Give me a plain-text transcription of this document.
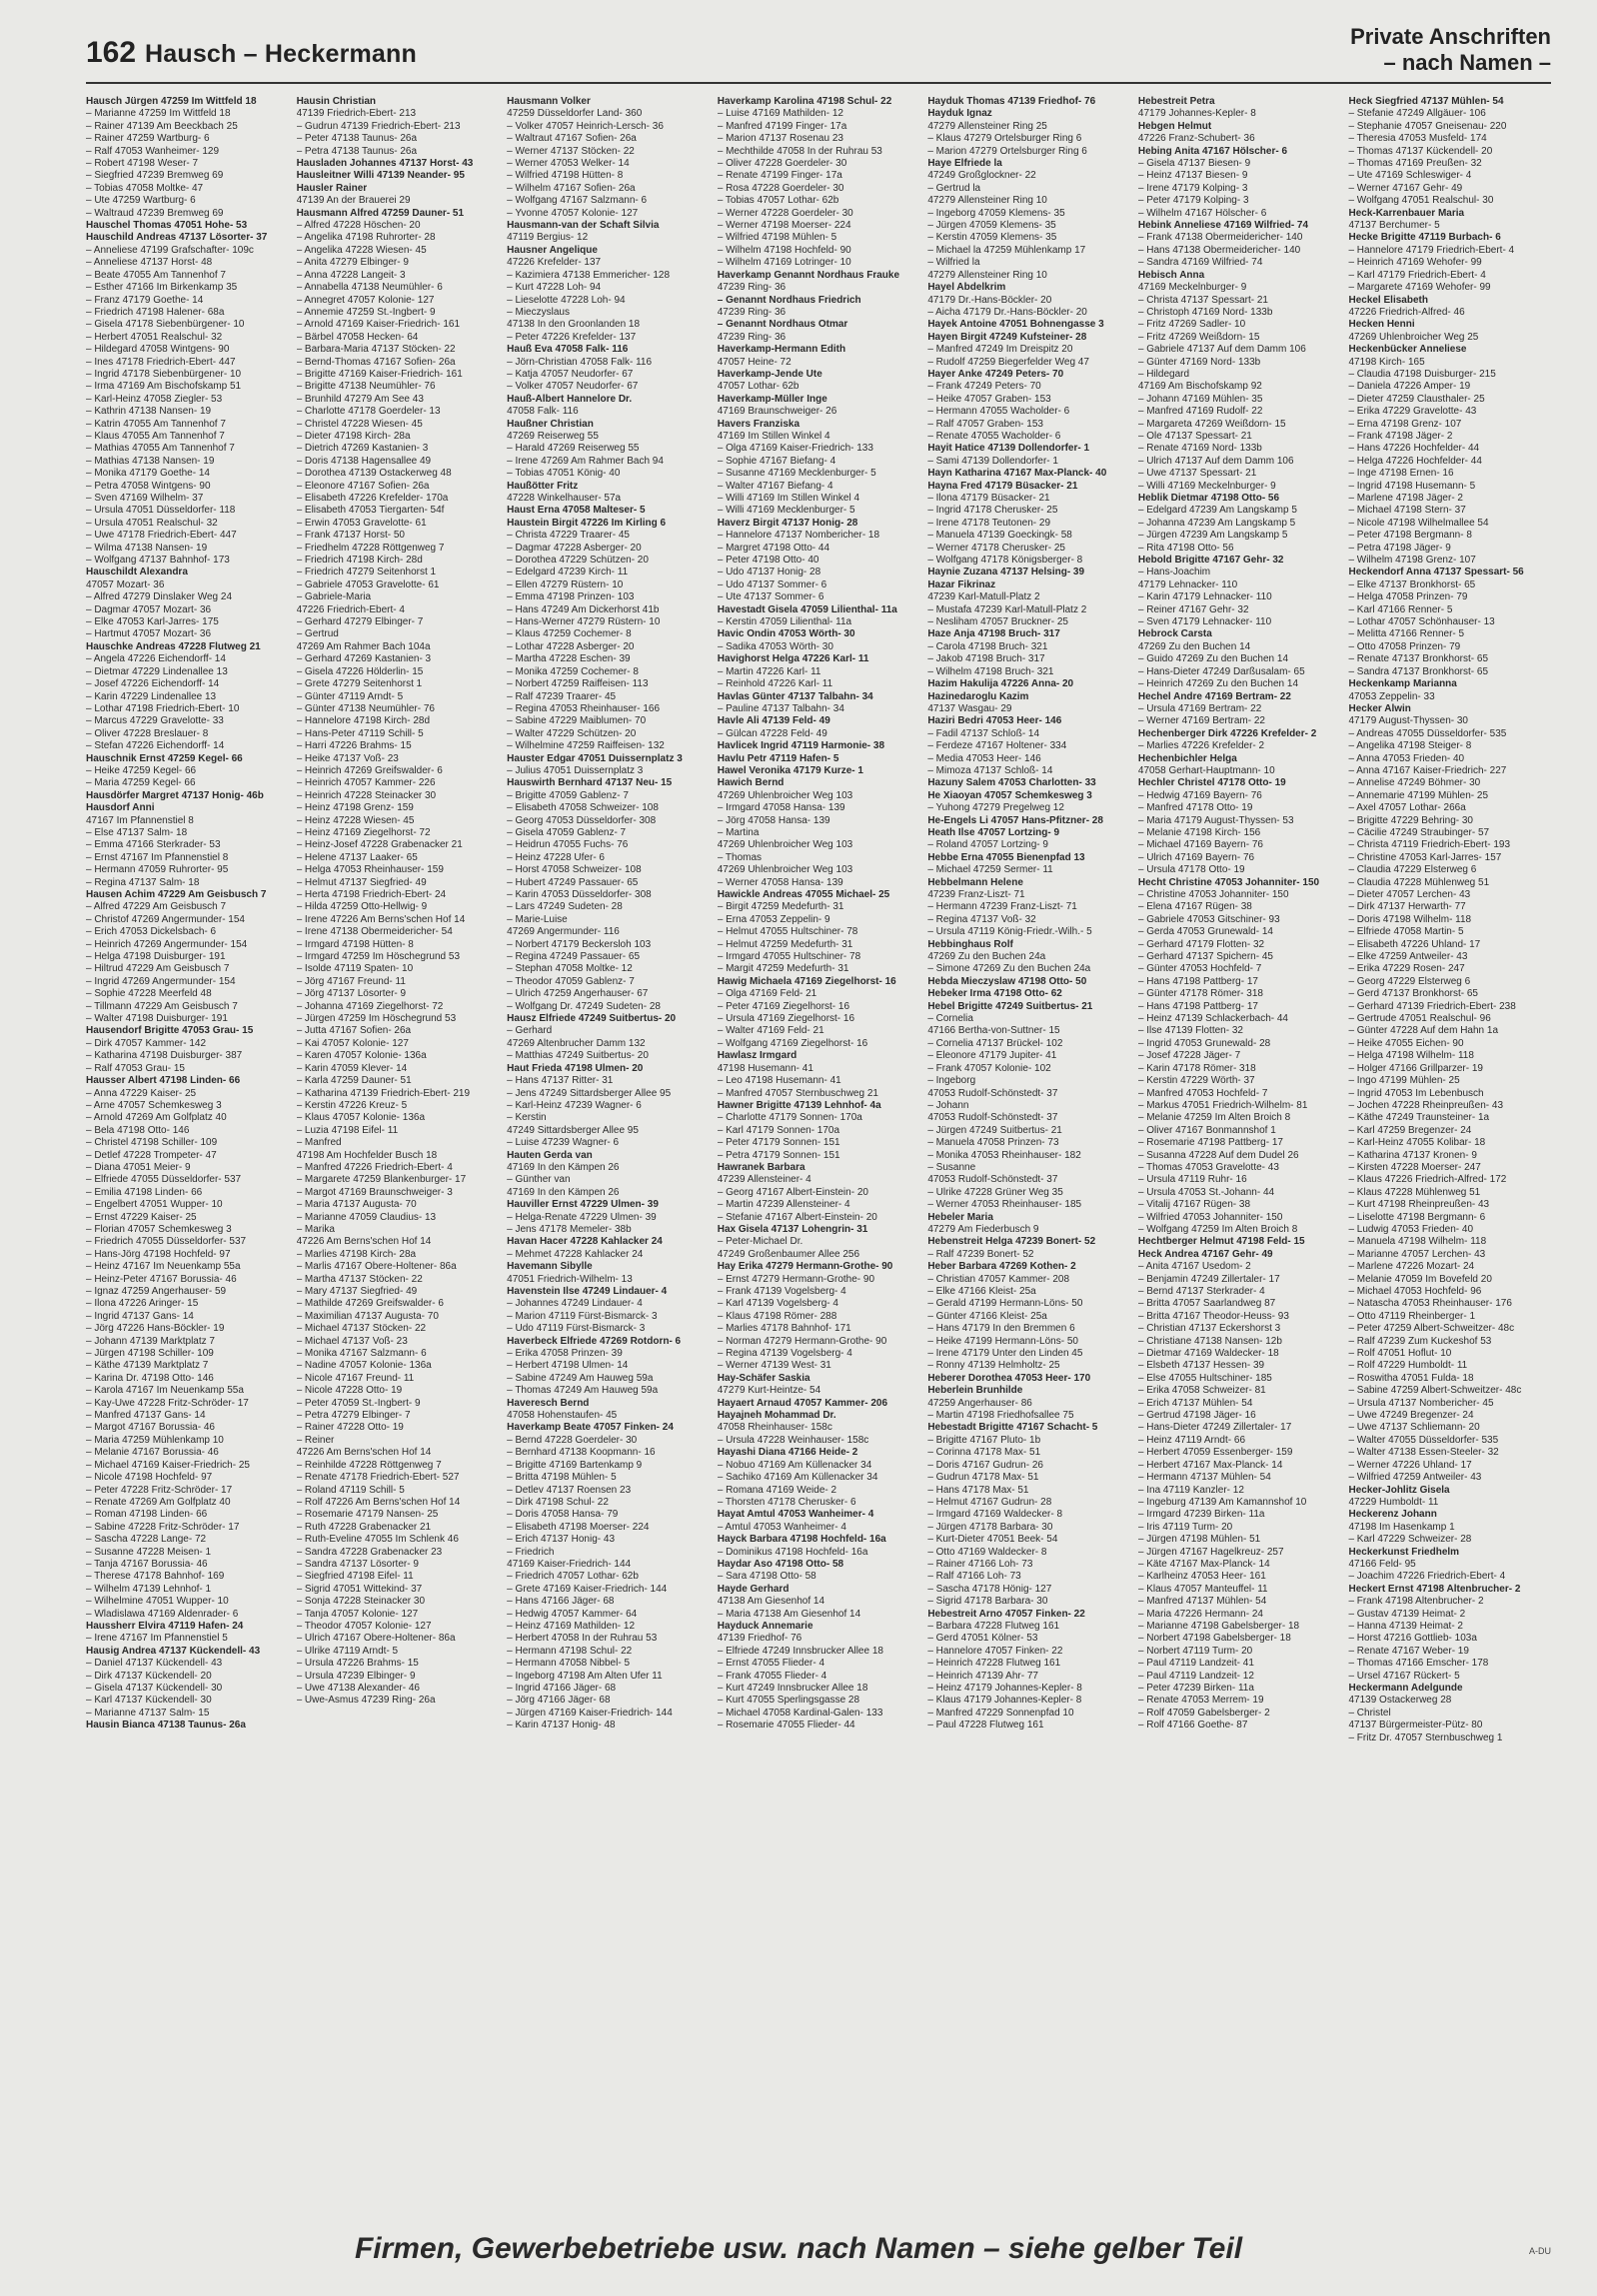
162 Hausch – Heckermann
Private Anschriften
– nach Namen –
Hausch Jürgen 47259 Im Wittfeld 18
– Marianne 47259 Im Wittfeld 18
– Rainer 47139 Am Beeckbach 25
– Rainer 47259 Wartburg- 6
– Ralf 47053 Wanheimer- 129
– Robert 47198 Weser- 7
– Siegfried 47239 Bremweg 69
– Tobias 47058 Moltke- 47
– Ute 47259 Wartburg- 6
– Waltraud 47239 Bremweg 69
Hauschel Thomas 47051 Hohe- 53
Hauschild Andreas 47137 Lösorter- 37
– Anneliese 47199 Grafschafter- 109c
– Anneliese 47137 Horst- 48
– Beate 47055 Am Tannenhof 7
– Esther 47166 Im Birkenkamp 35
– Franz 47179 Goethe- 14
– Friedrich 47198 Halener- 68a
– Gisela 47178 Siebenbürgener- 10
– Herbert 47051 Realschul- 32
– Hildegard 47058 Wintgens- 90
– Ines 47178 Friedrich-Ebert- 447
– Ingrid 47178 Siebenbürgener- 10
– Irma 47169 Am Bischofskamp 51
– Karl-Heinz 47058 Ziegler- 53
– Kathrin 47138 Nansen- 19
– Katrin 47055 Am Tannenhof 7
– Klaus 47055 Am Tannenhof 7
– Mathias 47055 Am Tannenhof 7
– Mathias 47138 Nansen- 19
– Monika 47179 Goethe- 14
– Petra 47058 Wintgens- 90
– Sven 47169 Wilhelm- 37
– Ursula 47051 Düsseldorfer- 118
– Ursula 47051 Realschul- 32
– Uwe 47178 Friedrich-Ebert- 447
– Wilma 47138 Nansen- 19
– Wolfgang 47137 Bahnhof- 173
Hauschildt Alexandra
47057 Mozart- 36
– Alfred 47279 Dinslaker Weg 24
– Dagmar 47057 Mozart- 36
– Elke 47053 Karl-Jarres- 175
– Hartmut 47057 Mozart- 36
Hauschke Andreas 47228 Flutweg 21
– Angela 47226 Eichendorff- 14
– Dietmar 47229 Lindenallee 13
– Josef 47226 Eichendorff- 14
– Karin 47229 Lindenallee 13
– Lothar 47198 Friedrich-Ebert- 10
– Marcus 47229 Gravelotte- 33
– Oliver 47228 Breslauer- 8
– Stefan 47226 Eichendorff- 14
Hauschnik Ernst 47259 Kegel- 66
– Heike 47259 Kegel- 66
– Maria 47259 Kegel- 66
Hausdörfer Margret 47137 Honig- 46b
Hausdorf Anni
47167 Im Pfannenstiel 8
– Else 47137 Salm- 18
– Emma 47166 Sterkrader- 53
– Ernst 47167 Im Pfannenstiel 8
– Hermann 47059 Ruhrorter- 95
– Regina 47137 Salm- 18
Hausen Achim 47229 Am Geisbusch 7
– Alfred 47229 Am Geisbusch 7
– Christof 47269 Angermunder- 154
– Erich 47053 Dickelsbach- 6
– Heinrich 47269 Angermunder- 154
– Helga 47198 Duisburger- 191
– Hiltrud 47229 Am Geisbusch 7
– Ingrid 47269 Angermunder- 154
– Sophie 47228 Meerfeld 48
– Tillmann 47229 Am Geisbusch 7
– Walter 47198 Duisburger- 191
Hausendorf Brigitte 47053 Grau- 15
– Dirk 47057 Kammer- 142
– Katharina 47198 Duisburger- 387
– Ralf 47053 Grau- 15
Hausser Albert 47198 Linden- 66
– Anna 47229 Kaiser- 25
– Arne 47057 Schemkesweg 3
– Arnold 47269 Am Golfplatz 40
– Bela 47198 Otto- 146
– Christel 47198 Schiller- 109
– Detlef 47228 Trompeter- 47
– Diana 47051 Meier- 9
– Elfriede 47055 Düsseldorfer- 537
– Emilia 47198 Linden- 66
– Engelbert 47051 Wupper- 10
– Ernst 47229 Kaiser- 25
– Florian 47057 Schemkesweg 3
– Friedrich 47055 Düsseldorfer- 537
– Hans-Jörg 47198 Hochfeld- 97
– Heinz 47167 Im Neuenkamp 55a
– Heinz-Peter 47167 Borussia- 46
– Ignaz 47259 Angerhauser- 59
– Ilona 47226 Aringer- 15
– Ingrid 47137 Gans- 14
– Jörg 47226 Hans-Böckler- 19
– Johann 47139 Marktplatz 7
– Jürgen 47198 Schiller- 109
– Käthe 47139 Marktplatz 7
– Karina Dr. 47198 Otto- 146
– Karola 47167 Im Neuenkamp 55a
– Kay-Uwe 47228 Fritz-Schröder- 17
– Manfred 47137 Gans- 14
– Margot 47167 Borussia- 46
– Maria 47259 Mühlenkamp 10
– Melanie 47167 Borussia- 46
– Michael 47169 Kaiser-Friedrich- 25
– Nicole 47198 Hochfeld- 97
– Peter 47228 Fritz-Schröder- 17
– Renate 47269 Am Golfplatz 40
– Roman 47198 Linden- 66
– Sabine 47228 Fritz-Schröder- 17
– Sascha 47228 Lange- 72
– Susanne 47228 Meisen- 1
– Tanja 47167 Borussia- 46
– Therese 47178 Bahnhof- 169
– Wilhelm 47139 Lehnhof- 1
– Wilhelmine 47051 Wupper- 10
– Wladislawa 47169 Aldenrader- 6
Haussherr Elvira 47119 Hafen- 24
– Irene 47167 Im Pfannenstiel 5
Hausig Andrea 47137 Kückendell- 43
– Daniel 47137 Kückendell- 43
– Dirk 47137 Kückendell- 20
– Gisela 47137 Kückendell- 30
– Karl 47137 Kückendell- 30
– Marianne 47137 Salm- 15
Hausin Bianca 47138 Taunus- 26a
Hausin Christian
47139 Friedrich-Ebert- 213
– Gudrun 47139 Friedrich-Ebert- 213
– Peter 47138 Taunus- 26a
– Petra 47138 Taunus- 26a
Hausladen Johannes 47137 Horst- 43
Hausleitner Willi 47139 Neander- 95
Hausler Rainer
47139 An der Brauerei 29
Hausmann Alfred 47259 Dauner- 51
– Alfred 47228 Höschen- 20
– Angelika 47198 Ruhrorter- 28
– Angelika 47228 Wiesen- 45
– Anita 47279 Elbinger- 9
– Anna 47228 Langeit- 3
– Annabella 47138 Neumühler- 6
– Annegret 47057 Kolonie- 127
– Annemie 47259 St.-Ingbert- 9
– Arnold 47169 Kaiser-Friedrich- 161
– Bärbel 47058 Hecken- 64
– Barbara-Maria 47137 Stöcken- 22
– Bernd-Thomas 47167 Sofien- 26a
– Brigitte 47169 Kaiser-Friedrich- 161
– Brigitte 47138 Neumühler- 76
– Brunhild 47279 Am See 43
– Charlotte 47178 Goerdeler- 13
– Christel 47228 Wiesen- 45
– Dieter 47198 Kirch- 28a
– Dietrich 47269 Kastanien- 3
– Doris 47138 Hagensallee 49
– Dorothea 47139 Ostackerweg 48
– Eleonore 47167 Sofien- 26a
– Elisabeth 47226 Krefelder- 170a
– Elisabeth 47053 Tiergarten- 54f
– Erwin 47053 Gravelotte- 61
– Frank 47137 Horst- 50
– Friedhelm 47228 Röttgenweg 7
– Friedrich 47198 Kirch- 28d
– Friedrich 47279 Seitenhorst 1
– Gabriele 47053 Gravelotte- 61
– Gabriele-Maria
47226 Friedrich-Ebert- 4
– Gerhard 47279 Elbinger- 7
– Gertrud
47269 Am Rahmer Bach 104a
– Gerhard 47269 Kastanien- 3
– Gisela 47226 Hölderlin- 15
– Grete 47279 Seitenhorst 1
– Günter 47119 Arndt- 5
– Günter 47138 Neumühler- 76
– Hannelore 47198 Kirch- 28d
– Hans-Peter 47119 Schill- 5
– Harri 47226 Brahms- 15
– Heike 47137 Voß- 23
– Heinrich 47269 Greifswalder- 6
– Heinrich 47057 Kammer- 226
– Heinrich 47228 Steinacker 30
– Heinz 47198 Grenz- 159
– Heinz 47228 Wiesen- 45
– Heinz 47169 Ziegelhorst- 72
– Heinz-Josef 47228 Grabenacker 21
– Helene 47137 Laaker- 65
– Helga 47053 Rheinhauser- 159
– Helmut 47137 Siegfried- 49
– Herta 47198 Friedrich-Ebert- 24
– Hilda 47259 Otto-Hellwig- 9
– Irene 47226 Am Berns'schen Hof 14
– Irene 47138 Obermeidericher- 54
– Irmgard 47198 Hütten- 8
– Irmgard 47259 Im Höschegrund 53
– Isolde 47119 Spaten- 10
– Jörg 47167 Freund- 11
– Jörg 47137 Lösorter- 9
– Johanna 47169 Ziegelhorst- 72
– Jürgen 47259 Im Höschegrund 53
– Jutta 47167 Sofien- 26a
– Kai 47057 Kolonie- 127
– Karen 47057 Kolonie- 136a
– Karin 47059 Klever- 14
– Karla 47259 Dauner- 51
– Katharina 47139 Friedrich-Ebert- 219
– Kerstin 47226 Kreuz- 5
– Klaus 47057 Kolonie- 136a
– Luzia 47198 Eifel- 11
– Manfred
47198 Am Hochfelder Busch 18
– Manfred 47226 Friedrich-Ebert- 4
– Margarete 47259 Blankenburger- 17
– Margot 47169 Braunschweiger- 3
– Maria 47137 Augusta- 70
– Marianne 47059 Claudius- 13
– Marika
47226 Am Berns'schen Hof 14
– Marlies 47198 Kirch- 28a
– Marlis 47167 Obere-Holtener- 86a
– Martha 47137 Stöcken- 22
– Mary 47137 Siegfried- 49
– Mathilde 47269 Greifswalder- 6
– Maximilian 47137 Augusta- 70
– Michael 47137 Stöcken- 22
– Michael 47137 Voß- 23
– Monika 47167 Salzmann- 6
– Nadine 47057 Kolonie- 136a
– Nicole 47167 Freund- 11
– Nicole 47228 Otto- 19
– Peter 47059 St.-Ingbert- 9
– Petra 47279 Elbinger- 7
– Rainer 47228 Otto- 19
– Reiner
47226 Am Berns'schen Hof 14
– Reinhilde 47228 Röttgenweg 7
– Renate 47178 Friedrich-Ebert- 527
– Roland 47119 Schill- 5
– Rolf 47226 Am Berns'schen Hof 14
– Rosemarie 47179 Nansen- 25
– Ruth 47228 Grabenacker 21
– Ruth-Eveline 47055 Im Schlenk 46
– Sandra 47228 Grabenacker 23
– Sandra 47137 Lösorter- 9
– Siegfried 47198 Eifel- 11
– Sigrid 47051 Wittekind- 37
– Sonja 47228 Steinacker 30
– Tanja 47057 Kolonie- 127
– Theodor 47057 Kolonie- 127
– Ulrich 47167 Obere-Holtener- 86a
– Ulrike 47119 Arndt- 5
– Ursula 47226 Brahms- 15
– Ursula 47239 Elbinger- 9
– Uwe 47138 Alexander- 46
– Uwe-Asmus 47239 Ring- 26a
Hausmann Volker
47259 Düsseldorfer Land- 360
– Volker 47057 Heinrich-Lersch- 36
– Waltraut 47167 Sofien- 26a
– Werner 47137 Stöcken- 22
– Werner 47053 Welker- 14
– Wilfried 47198 Hütten- 8
– Wilhelm 47167 Sofien- 26a
– Wolfgang 47167 Salzmann- 6
– Yvonne 47057 Kolonie- 127
Hausmann-van der Schaft Silvia
47119 Bergius- 12
Hausner Angelique
47226 Krefelder- 137
– Kazimiera 47138 Emmericher- 128
– Kurt 47228 Loh- 94
– Lieselotte 47228 Loh- 94
– Mieczyslaus
47138 In den Groonlanden 18
– Peter 47226 Krefelder- 137
Hauß Eva 47058 Falk- 116
– Jörn-Christian 47058 Falk- 116
– Katja 47057 Neudorfer- 67
– Volker 47057 Neudorfer- 67
Hauß-Albert Hannelore Dr.
47058 Falk- 116
Haußner Christian
47269 Reiserweg 55
– Harald 47269 Reiserweg 55
– Irene 47269 Am Rahmer Bach 94
– Tobias 47051 König- 40
Haußötter Fritz
47228 Winkelhauser- 57a
Haust Erna 47058 Malteser- 5
Haustein Birgit 47226 Im Kirling 6
– Christa 47229 Traarer- 45
– Dagmar 47228 Asberger- 20
– Dorothea 47229 Schützen- 20
– Edelgard 47239 Kirch- 11
– Ellen 47279 Rüstern- 10
– Emma 47198 Prinzen- 103
– Hans 47249 Am Dickerhorst 41b
– Hans-Werner 47279 Rüstern- 10
– Klaus 47259 Cochemer- 8
– Lothar 47228 Asberger- 20
– Martha 47228 Eschen- 39
– Monika 47259 Cochemer- 8
– Norbert 47259 Raiffeisen- 113
– Ralf 47239 Traarer- 45
– Regina 47053 Rheinhauser- 166
– Sabine 47229 Maiblumen- 70
– Walter 47229 Schützen- 20
– Wilhelmine 47259 Raiffeisen- 132
Hauster Edgar 47051 Duissernplatz 3
– Julius 47051 Duissernplatz 3
Hauswirth Bernhard 47137 Neu- 15
– Brigitte 47059 Gablenz- 7
– Elisabeth 47058 Schweizer- 108
– Georg 47053 Düsseldorfer- 308
– Gisela 47059 Gablenz- 7
– Heidrun 47055 Fuchs- 76
– Heinz 47228 Ufer- 6
– Horst 47058 Schweizer- 108
– Hubert 47249 Passauer- 65
– Karin 47053 Düsseldorfer- 308
– Lars 47249 Sudeten- 28
– Marie-Luise
47269 Angermunder- 116
– Norbert 47179 Beckersloh 103
– Regina 47249 Passauer- 65
– Stephan 47058 Moltke- 12
– Theodor 47059 Gablenz- 7
– Ulrich 47259 Angerhauser- 67
– Wolfgang Dr. 47249 Sudeten- 28
Hausz Elfriede 47249 Suitbertus- 20
– Gerhard
47269 Altenbrucher Damm 132
– Matthias 47249 Suitbertus- 20
Haut Frieda 47198 Ulmen- 20
– Hans 47137 Ritter- 31
– Jens 47249 Sittardsberger Allee 95
– Karl-Heinz 47239 Wagner- 6
– Kerstin
47249 Sittardsberger Allee 95
– Luise 47239 Wagner- 6
Hauten Gerda van
47169 In den Kämpen 26
– Günther van
47169 In den Kämpen 26
Hauviller Ernst 47229 Ulmen- 39
– Helga-Renate 47229 Ulmen- 39
– Jens 47178 Memeler- 38b
Havan Hacer 47228 Kahlacker 24
– Mehmet 47228 Kahlacker 24
Havemann Sibylle
47051 Friedrich-Wilhelm- 13
Havenstein Ilse 47249 Lindauer- 4
– Johannes 47249 Lindauer- 4
– Marion 47119 Fürst-Bismarck- 3
– Udo 47119 Fürst-Bismarck- 3
Haverbeck Elfriede 47269 Rotdorn- 6
– Erika 47058 Prinzen- 39
– Herbert 47198 Ulmen- 14
– Sabine 47249 Am Hauweg 59a
– Thomas 47249 Am Hauweg 59a
Haveresch Bernd
47058 Hohenstaufen- 45
Haverkamp Beate 47057 Finken- 24
– Bernd 47228 Goerdeler- 30
– Bernhard 47138 Koopmann- 16
– Brigitte 47169 Bartenkamp 9
– Britta 47198 Mühlen- 5
– Detlev 47137 Roensen 23
– Dirk 47198 Schul- 22
– Doris 47058 Hansa- 79
– Elisabeth 47198 Moerser- 224
– Erich 47137 Honig- 43
– Friedrich
47169 Kaiser-Friedrich- 144
– Friedrich 47057 Lothar- 62b
– Grete 47169 Kaiser-Friedrich- 144
– Hans 47166 Jäger- 68
– Hedwig 47057 Kammer- 64
– Heinz 47169 Mathilden- 12
– Herbert 47058 In der Ruhrau 53
– Hermann 47198 Schul- 22
– Hermann 47058 Nibbel- 5
– Ingeborg 47198 Am Alten Ufer 11
– Ingrid 47166 Jäger- 68
– Jörg 47166 Jäger- 68
– Jürgen 47169 Kaiser-Friedrich- 144
– Karin 47137 Honig- 48
Haverkamp Karolina 47198 Schul- 22
– Luise 47169 Mathilden- 12
– Manfred 47199 Finger- 17a
– Marion 47137 Rosenau 23
– Mechthilde 47058 In der Ruhrau 53
– Oliver 47228 Goerdeler- 30
– Renate 47199 Finger- 17a
– Rosa 47228 Goerdeler- 30
– Tobias 47057 Lothar- 62b
– Werner 47228 Goerdeler- 30
– Werner 47198 Moerser- 224
– Wilfried 47198 Mühlen- 5
– Wilhelm 47198 Hochfeld- 90
– Wilhelm 47169 Lotringer- 10
Haverkamp Genannt Nordhaus Frauke
47239 Ring- 36
– Genannt Nordhaus Friedrich
47239 Ring- 36
– Genannt Nordhaus Otmar
47239 Ring- 36
Haverkamp-Hermann Edith
47057 Heine- 72
Haverkamp-Jende Ute
47057 Lothar- 62b
Haverkamp-Müller Inge
47169 Braunschweiger- 26
Havers Franziska
47169 Im Stillen Winkel 4
– Olga 47169 Kaiser-Friedrich- 133
– Sophie 47167 Biefang- 4
– Susanne 47169 Mecklenburger- 5
– Walter 47167 Biefang- 4
– Willi 47169 Im Stillen Winkel 4
– Willi 47169 Mecklenburger- 5
Haverz Birgit 47137 Honig- 28
– Hannelore 47137 Nombericher- 18
– Margret 47198 Otto- 44
– Peter 47198 Otto- 40
– Udo 47137 Honig- 28
– Udo 47137 Sommer- 6
– Ute 47137 Sommer- 6
Havestadt Gisela 47059 Lilienthal- 11a
– Kerstin 47059 Lilienthal- 11a
Havic Ondin 47053 Wörth- 30
– Sadika 47053 Wörth- 30
Havighorst Helga 47226 Karl- 11
– Martin 47226 Karl- 11
– Reinhold 47226 Karl- 11
Havlas Günter 47137 Talbahn- 34
– Pauline 47137 Talbahn- 34
Havle Ali 47139 Feld- 49
– Gülcan 47228 Feld- 49
Havlicek Ingrid 47119 Harmonie- 38
Havlu Petr 47119 Hafen- 5
Hawel Veronika 47179 Kurze- 1
Hawich Bernd
47269 Uhlenbroicher Weg 103
– Irmgard 47058 Hansa- 139
– Jörg 47058 Hansa- 139
– Martina
47269 Uhlenbroicher Weg 103
– Thomas
47269 Uhlenbroicher Weg 103
– Werner 47058 Hansa- 139
Hawickle Andreas 47055 Michael- 25
– Birgit 47259 Medefurth- 31
– Erna 47053 Zeppelin- 9
– Helmut 47055 Hultschiner- 78
– Helmut 47259 Medefurth- 31
– Irmgard 47055 Hultschiner- 78
– Margit 47259 Medefurth- 31
Hawig Michaela 47169 Ziegelhorst- 16
– Olga 47169 Feld- 21
– Peter 47169 Ziegelhorst- 16
– Ursula 47169 Ziegelhorst- 16
– Walter 47169 Feld- 21
– Wolfgang 47169 Ziegelhorst- 16
Hawlasz Irmgard
47198 Husemann- 41
– Leo 47198 Husemann- 41
– Manfred 47057 Sternbuschweg 21
Hawner Brigitte 47139 Lehnhof- 4a
– Charlotte 47179 Sonnen- 170a
– Karl 47179 Sonnen- 170a
– Peter 47179 Sonnen- 151
– Petra 47179 Sonnen- 151
Hawranek Barbara
47239 Allensteiner- 4
– Georg 47167 Albert-Einstein- 20
– Martin 47239 Allensteiner- 4
– Stefanie 47167 Albert-Einstein- 20
Hax Gisela 47137 Lohengrin- 31
– Peter-Michael Dr.
47249 Großenbaumer Allee 256
Hay Erika 47279 Hermann-Grothe- 90
– Ernst 47279 Hermann-Grothe- 90
– Frank 47139 Vogelsberg- 4
– Karl 47139 Vogelsberg- 4
– Klaus 47198 Römer- 288
– Marlies 47178 Bahnhof- 171
– Norman 47279 Hermann-Grothe- 90
– Regina 47139 Vogelsberg- 4
– Werner 47139 West- 31
Hay-Schäfer Saskia
47279 Kurt-Heintze- 54
Hayaert Arnaud 47057 Kammer- 206
Hayajneh Mohammad Dr.
47058 Rheinhauser- 158c
– Ursula 47228 Weinhauser- 158c
Hayashi Diana 47166 Heide- 2
– Nobuo 47169 Am Küllenacker 34
– Sachiko 47169 Am Küllenacker 34
– Romana 47169 Weide- 2
– Thorsten 47178 Cherusker- 6
Hayat Amtul 47053 Wanheimer- 4
– Amtul 47053 Wanheimer- 4
Hayck Barbara 47198 Hochfeld- 16a
– Dominikus 47198 Hochfeld- 16a
Haydar Aso 47198 Otto- 58
– Sara 47198 Otto- 58
Hayde Gerhard
47138 Am Giesenhof 14
– Maria 47138 Am Giesenhof 14
Hayduck Annemarie
47139 Friedhof- 76
– Elfriede 47249 Innsbrucker Allee 18
– Ernst 47055 Flieder- 4
– Frank 47055 Flieder- 4
– Kurt 47249 Innsbrucker Allee 18
– Kurt 47055 Sperlingsgasse 28
– Michael 47058 Kardinal-Galen- 133
– Rosemarie 47055 Flieder- 44
Hayduk Thomas 47139 Friedhof- 76
Hayduk Ignaz
47279 Allensteiner Ring 25
– Klaus 47279 Ortelsburger Ring 6
– Marion 47279 Ortelsburger Ring 6
Haye Elfriede la
47249 Großglockner- 22
– Gertrud la
47279 Allensteiner Ring 10
– Ingeborg 47059 Klemens- 35
– Jürgen 47059 Klemens- 35
– Kerstin 47059 Klemens- 35
– Michael la 47259 Mühlenkamp 17
– Wilfried la
47279 Allensteiner Ring 10
Hayel Abdelkrim
47179 Dr.-Hans-Böckler- 20
– Aicha 47179 Dr.-Hans-Böckler- 20
Hayek Antoine 47051 Bohnengasse 3
Hayen Birgit 47249 Kufsteiner- 28
– Manfred 47249 Im Dreispitz 20
– Rudolf 47259 Biegerfelder Weg 47
Hayer Anke 47249 Peters- 70
– Frank 47249 Peters- 70
– Heike 47057 Graben- 153
– Hermann 47055 Wacholder- 6
– Ralf 47057 Graben- 153
– Renate 47055 Wacholder- 6
Hayit Hatice 47139 Dollendorfer- 1
– Sami 47139 Dollendorfer- 1
Hayn Katharina 47167 Max-Planck- 40
Hayna Fred 47179 Büsacker- 21
– Ilona 47179 Büsacker- 21
– Ingrid 47178 Cherusker- 25
– Irene 47178 Teutonen- 29
– Manuela 47139 Goeckingk- 58
– Werner 47178 Cherusker- 25
– Wolfgang 47178 Königsberger- 8
Haynie Zuzana 47137 Helsing- 39
Hazar Fikrinaz
47239 Karl-Matull-Platz 2
– Mustafa 47239 Karl-Matull-Platz 2
– Nesliham 47057 Bruckner- 25
Haze Anja 47198 Bruch- 317
– Carola 47198 Bruch- 321
– Jakob 47198 Bruch- 317
– Wilhelm 47198 Bruch- 321
Hazim Hakulija 47226 Anna- 20
Hazinedaroglu Kazim
47137 Wasgau- 29
Haziri Bedri 47053 Heer- 146
– Fadil 47137 Schloß- 14
– Ferdeze 47167 Holtener- 334
– Media 47053 Heer- 146
– Mimoza 47137 Schloß- 14
Hazuny Salem 47053 Charlotten- 33
He Xiaoyan 47057 Schemkesweg 3
– Yuhong 47279 Pregelweg 12
He-Engels Li 47057 Hans-Pfitzner- 28
Heath Ilse 47057 Lortzing- 9
– Roland 47057 Lortzing- 9
Hebbe Erna 47055 Bienenpfad 13
– Michael 47259 Sermer- 11
Hebbelmann Helene
47239 Franz-Liszt- 71
– Hermann 47239 Franz-Liszt- 71
– Regina 47137 Voß- 32
– Ursula 47119 König-Friedr.-Wilh.- 5
Hebbinghaus Rolf
47269 Zu den Buchen 24a
– Simone 47269 Zu den Buchen 24a
Hebda Mieczyslaw 47198 Otto- 50
Hebeker Irma 47198 Otto- 62
Hebel Brigitte 47249 Suitbertus- 21
– Cornelia
47166 Bertha-von-Suttner- 15
– Cornelia 47137 Brückel- 102
– Eleonore 47179 Jupiter- 41
– Frank 47057 Kolonie- 102
– Ingeborg
47053 Rudolf-Schönstedt- 37
– Johann
47053 Rudolf-Schönstedt- 37
– Jürgen 47249 Suitbertus- 21
– Manuela 47058 Prinzen- 73
– Monika 47053 Rheinhauser- 182
– Susanne
47053 Rudolf-Schönstedt- 37
– Ulrike 47228 Grüner Weg 35
– Werner 47053 Rheinhauser- 185
Hebeler Maria
47279 Am Fiederbusch 9
Hebenstreit Helga 47239 Bonert- 52
– Ralf 47239 Bonert- 52
Heber Barbara 47269 Kothen- 2
– Christian 47057 Kammer- 208
– Elke 47166 Kleist- 25a
– Gerald 47199 Hermann-Löns- 50
– Günter 47166 Kleist- 25a
– Hans 47179 In den Bremmen 6
– Heike 47199 Hermann-Löns- 50
– Irene 47179 Unter den Linden 45
– Ronny 47139 Helmholtz- 25
Heberer Dorothea 47053 Heer- 170
Heberlein Brunhilde
47259 Angerhauser- 86
– Martin 47198 Friedhofsallee 75
Hebestadt Brigitte 47167 Schacht- 5
– Brigitte 47167 Pluto- 1b
– Corinna 47178 Max- 51
– Doris 47167 Gudrun- 26
– Gudrun 47178 Max- 51
– Hans 47178 Max- 51
– Helmut 47167 Gudrun- 28
– Irmgard 47169 Waldecker- 8
– Jürgen 47178 Barbara- 30
– Kurt-Dieter 47051 Beek- 54
– Otto 47169 Waldecker- 8
– Rainer 47166 Loh- 73
– Ralf 47166 Loh- 73
– Sascha 47178 Hönig- 127
– Sigrid 47178 Barbara- 30
Hebestreit Arno 47057 Finken- 22
– Barbara 47228 Flutweg 161
– Gerd 47051 Kölner- 53
– Hannelore 47057 Finken- 22
– Heinrich 47228 Flutweg 161
– Heinrich 47139 Ahr- 77
– Heinz 47179 Johannes-Kepler- 8
– Klaus 47179 Johannes-Kepler- 8
– Manfred 47229 Sonnenpfad 10
– Paul 47228 Flutweg 161
Hebestreit Petra
47179 Johannes-Kepler- 8
Hebgen Helmut
47226 Franz-Schubert- 36
Hebing Anita 47167 Hölscher- 6
– Gisela 47137 Biesen- 9
– Heinz 47137 Biesen- 9
– Irene 47179 Kolping- 3
– Peter 47179 Kolping- 3
– Wilhelm 47167 Hölscher- 6
Hebink Anneliese 47169 Wilfried- 74
– Frank 47138 Obermeidericher- 140
– Hans 47138 Obermeidericher- 140
– Sandra 47169 Wilfried- 74
Hebisch Anna
47169 Meckelnburger- 9
– Christa 47137 Spessart- 21
– Christoph 47169 Nord- 133b
– Fritz 47269 Sadler- 10
– Fritz 47269 Weißdorn- 15
– Gabriele 47137 Auf dem Damm 106
– Günter 47169 Nord- 133b
– Hildegard
47169 Am Bischofskamp 92
– Johann 47169 Mühlen- 35
– Manfred 47169 Rudolf- 22
– Margareta 47269 Weißdorn- 15
– Ole 47137 Spessart- 21
– Renate 47169 Nord- 133b
– Ulrich 47137 Auf dem Damm 106
– Uwe 47137 Spessart- 21
– Willi 47169 Meckelnburger- 9
Heblik Dietmar 47198 Otto- 56
– Edelgard 47239 Am Langskamp 5
– Johanna 47239 Am Langskamp 5
– Jürgen 47239 Am Langskamp 5
– Rita 47198 Otto- 56
Hebold Brigitte 47167 Gehr- 32
– Hans-Joachim
47179 Lehnacker- 110
– Karin 47179 Lehnacker- 110
– Reiner 47167 Gehr- 32
– Sven 47179 Lehnacker- 110
Hebrock Carsta
47269 Zu den Buchen 14
– Guido 47269 Zu den Buchen 14
– Hans-Dieter 47249 Darßusalam- 65
– Heinrich 47269 Zu den Buchen 14
Hechel Andre 47169 Bertram- 22
– Ursula 47169 Bertram- 22
– Werner 47169 Bertram- 22
Hechenberger Dirk 47226 Krefelder- 2
– Marlies 47226 Krefelder- 2
Hechenbichler Helga
47058 Gerhart-Hauptmann- 10
Hechler Christel 47178 Otto- 19
– Hedwig 47169 Bayern- 76
– Manfred 47178 Otto- 19
– Maria 47179 August-Thyssen- 53
– Melanie 47198 Kirch- 156
– Michael 47169 Bayern- 76
– Ulrich 47169 Bayern- 76
– Ursula 47178 Otto- 19
Hecht Christine 47053 Johanniter- 150
– Christine 47053 Johanniter- 150
– Elena 47167 Rügen- 38
– Gabriele 47053 Gitschiner- 93
– Gerda 47053 Grunewald- 14
– Gerhard 47179 Flotten- 32
– Gerhard 47137 Spichern- 45
– Günter 47053 Hochfeld- 7
– Hans 47198 Pattberg- 17
– Günter 47178 Römer- 318
– Hans 47198 Pattberg- 17
– Heinz 47139 Schlackerbach- 44
– Ilse 47139 Flotten- 32
– Ingrid 47053 Grunewald- 28
– Josef 47228 Jäger- 7
– Karin 47178 Römer- 318
– Kerstin 47229 Wörth- 37
– Manfred 47053 Hochfeld- 7
– Markus 47051 Friedrich-Wilhelm- 81
– Melanie 47259 Im Alten Broich 8
– Oliver 47167 Bonmannshof 1
– Rosemarie 47198 Pattberg- 17
– Susanna 47228 Auf dem Dudel 26
– Thomas 47053 Gravelotte- 43
– Ursula 47119 Ruhr- 16
– Ursula 47053 St.-Johann- 44
– Vitalij 47167 Rügen- 38
– Wilfried 47053 Johanniter- 150
– Wolfgang 47259 Im Alten Broich 8
Hechtberger Helmut 47198 Feld- 15
Heck Andrea 47167 Gehr- 49
– Anita 47167 Usedom- 2
– Benjamin 47249 Zillertaler- 17
– Bernd 47137 Sterkrader- 4
– Britta 47057 Saarlandweg 87
– Britta 47167 Theodor-Heuss- 93
– Christian 47137 Eckershorst 3
– Christiane 47138 Nansen- 12b
– Dietmar 47169 Waldecker- 18
– Elsbeth 47137 Hessen- 39
– Else 47055 Hultschiner- 185
– Erika 47058 Schweizer- 81
– Erich 47137 Mühlen- 54
– Gertrud 47198 Jäger- 16
– Hans-Dieter 47249 Zillertaler- 17
– Heinz 47119 Arndt- 66
– Herbert 47059 Essenberger- 159
– Herbert 47167 Max-Planck- 14
– Hermann 47137 Mühlen- 54
– Ina 47119 Kanzler- 12
– Ingeburg 47139 Am Kamannshof 10
– Irmgard 47239 Birken- 11a
– Iris 47119 Turm- 20
– Jürgen 47198 Mühlen- 51
– Jürgen 47167 Hagelkreuz- 257
– Käte 47167 Max-Planck- 14
– Karlheinz 47053 Heer- 161
– Klaus 47057 Manteuffel- 11
– Manfred 47137 Mühlen- 54
– Maria 47226 Hermann- 24
– Marianne 47198 Gabelsberger- 18
– Norbert 47198 Gabelsberger- 18
– Norbert 47119 Turm- 20
– Paul 47119 Landzeit- 41
– Paul 47119 Landzeit- 12
– Peter 47239 Birken- 11a
– Renate 47053 Merrem- 19
– Rolf 47059 Gabelsberger- 2
– Rolf 47166 Goethe- 87
Heck Siegfried 47137 Mühlen- 54
– Stefanie 47249 Allgäuer- 106
– Stephanie 47057 Gneisenau- 220
– Theresia 47053 Musfeld- 174
– Thomas 47137 Kückendell- 20
– Thomas 47169 Preußen- 32
– Ute 47169 Schleswiger- 4
– Werner 47167 Gehr- 49
– Wolfgang 47051 Realschul- 30
Heck-Karrenbauer Maria
47137 Berchumer- 5
Hecke Brigitte 47119 Burbach- 6
– Hannelore 47179 Friedrich-Ebert- 4
– Heinrich 47169 Wehofer- 99
– Karl 47179 Friedrich-Ebert- 4
– Margarete 47169 Wehofer- 99
Heckel Elisabeth
47226 Friedrich-Alfred- 46
Hecken Henni
47269 Uhlenbroicher Weg 25
Heckenbücker Anneliese
47198 Kirch- 165
– Claudia 47198 Duisburger- 215
– Daniela 47226 Amper- 19
– Dieter 47259 Clausthaler- 25
– Erika 47229 Gravelotte- 43
– Erna 47198 Grenz- 107
– Frank 47198 Jäger- 2
– Hans 47226 Hochfelder- 44
– Helga 47226 Hochfelder- 44
– Inge 47198 Ernen- 16
– Ingrid 47198 Husemann- 5
– Marlene 47198 Jäger- 2
– Michael 47198 Stern- 37
– Nicole 47198 Wilhelmallee 54
– Peter 47198 Bergmann- 8
– Petra 47198 Jäger- 9
– Wilhelm 47198 Grenz- 107
Heckendorf Anna 47137 Spessart- 56
– Elke 47137 Bronkhorst- 65
– Helga 47058 Prinzen- 79
– Karl 47166 Renner- 5
– Lothar 47057 Schönhauser- 13
– Melitta 47166 Renner- 5
– Otto 47058 Prinzen- 79
– Renate 47137 Bronkhorst- 65
– Sandra 47137 Bronkhorst- 65
Heckenkamp Marianna
47053 Zeppelin- 33
Hecker Alwin
47179 August-Thyssen- 30
– Andreas 47055 Düsseldorfer- 535
– Angelika 47198 Steiger- 8
– Anna 47053 Frieden- 40
– Anna 47167 Kaiser-Friedrich- 227
– Annelise 47249 Böhmer- 30
– Annemarie 47199 Mühlen- 25
– Axel 47057 Lothar- 266a
– Brigitte 47229 Behring- 30
– Cäcilie 47249 Straubinger- 57
– Christa 47119 Friedrich-Ebert- 193
– Christine 47053 Karl-Jarres- 157
– Claudia 47229 Elsterweg 6
– Claudia 47228 Mühlenweg 51
– Dieter 47057 Lerchen- 43
– Dirk 47137 Herwarth- 77
– Doris 47198 Wilhelm- 118
– Elfriede 47058 Martin- 5
– Elisabeth 47226 Uhland- 17
– Elke 47259 Antweiler- 43
– Erika 47229 Rosen- 247
– Georg 47229 Elsterweg 6
– Gerd 47137 Bronkhorst- 65
– Gerhard 47139 Friedrich-Ebert- 238
– Gertrude 47051 Realschul- 96
– Günter 47228 Auf dem Hahn 1a
– Heike 47055 Eichen- 90
– Helga 47198 Wilhelm- 118
– Holger 47166 Grillparzer- 19
– Ingo 47199 Mühlen- 25
– Ingrid 47053 Im Lebenbusch
– Jochen 47228 Rheinpreußen- 43
– Käthe 47249 Traunsteiner- 1a
– Karl 47259 Bregenzer- 24
– Karl-Heinz 47055 Kolibar- 18
– Katharina 47137 Kronen- 9
– Kirsten 47228 Moerser- 247
– Klaus 47226 Friedrich-Alfred- 172
– Klaus 47228 Mühlenweg 51
– Kurt 47198 Rheinpreußen- 43
– Liselotte 47198 Bergmann- 6
– Ludwig 47053 Frieden- 40
– Manuela 47198 Wilhelm- 118
– Marianne 47057 Lerchen- 43
– Marlene 47226 Mozart- 24
– Melanie 47059 Im Bovefeld 20
– Michael 47053 Hochfeld- 96
– Natascha 47053 Rheinhauser- 176
– Otto 47119 Rheinberger- 1
– Peter 47259 Albert-Schweitzer- 48c
– Ralf 47239 Zum Kuckeshof 53
– Rolf 47051 Hoflut- 10
– Rolf 47229 Humboldt- 11
– Roswitha 47051 Fulda- 18
– Sabine 47259 Albert-Schweitzer- 48c
– Ursula 47137 Nombericher- 45
– Uwe 47249 Bregenzer- 24
– Uwe 47137 Schliemann- 20
– Walter 47055 Düsseldorfer- 535
– Walter 47138 Essen-Steeler- 32
– Werner 47226 Uhland- 17
– Wilfried 47259 Antweiler- 43
Hecker-Johlitz Gisela
47229 Humboldt- 11
Heckerenz Johann
47198 Im Hasenkamp 1
– Karl 47229 Schweizer- 28
Heckerkunst Friedhelm
47166 Feld- 95
– Joachim 47226 Friedrich-Ebert- 4
Heckert Ernst 47198 Altenbrucher- 2
– Frank 47198 Altenbrucher- 2
– Gustav 47139 Heimat- 2
– Hanna 47139 Heimat- 2
– Horst 47216 Gottlieb- 103a
– Renate 47167 Weber- 19
– Thomas 47166 Emscher- 178
– Ursel 47167 Rückert- 5
Heckermann Adelgunde
47139 Ostackerweg 28
– Christel
47137 Bürgermeister-Pütz- 80
– Fritz Dr. 47057 Sternbuschweg 1
Firmen, Gewerbebetriebe usw. nach Namen – siehe gelber Teil	A-DU
